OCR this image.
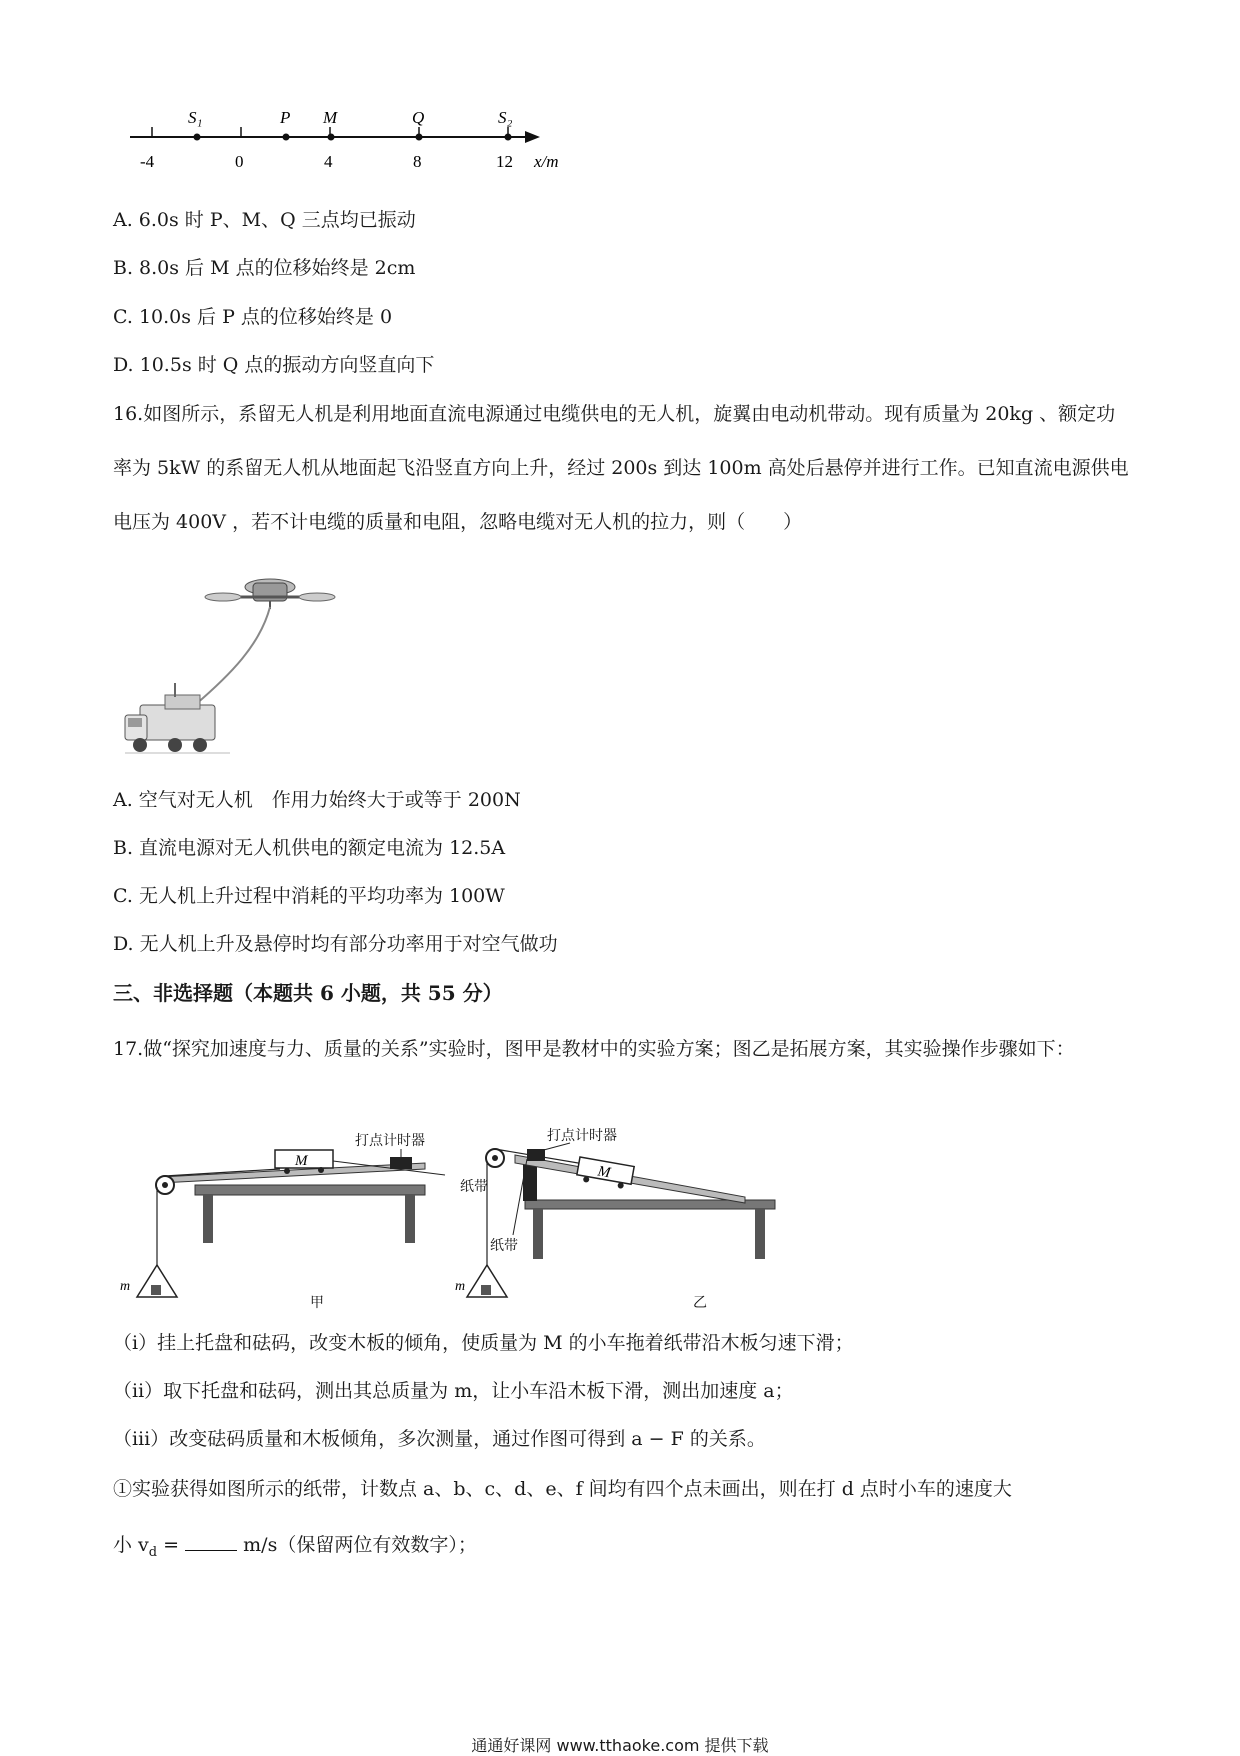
S₁	P M	Q	S₂
-4	0	4	8	12 x/m
A. 6.0s 时 P、M、Q 三点均已振动
B. 8.0s 后 M 点的位移始终是 2cm
C. 10.0s 后 P 点的位移始终是 0
D. 10.5s 时 Q 点的振动方向竖直向下
16.如图所示，系留无人机是利用地面直流电源通过电缆供电的无人机，旋翼由电动机带动。现有质量为 20kg 、额定功率为 5kW 的系留无人机从地面起飞沿竖直方向上升，经过 200s 到达 100m 高处后悬停并进行工作。已知直流电源供电电压为 400V ，若不计电缆的质量和电阻，忽略电缆对无人机的拉力，则（　　）
A. 空气对无人机　作用力始终大于或等于 200N
B. 直流电源对无人机供电的额定电流为 12.5A
C. 无人机上升过程中消耗的平均功率为 100W
D. 无人机上升及悬停时均有部分功率用于对空气做功
三、非选择题（本题共 6 小题，共 55 分）
17.做“探究加速度与力、质量的关系”实验时，图甲是教材中的实验方案；图乙是拓展方案，其实验操作步骤如下：
m
M
打点计时器
纸带
甲
m
打点计时器
纸带
M
乙
（ⅰ）挂上托盘和砝码，改变木板的倾角，使质量为 M 的小车拖着纸带沿木板匀速下滑；
（ⅱ）取下托盘和砝码，测出其总质量为 m，让小车沿木板下滑，测出加速度 a；
（ⅲ）改变砝码质量和木板倾角，多次测量，通过作图可得到 a − F 的关系。
①实验获得如图所示的纸带，计数点 a、b、c、d、e、f 间均有四个点未画出，则在打 d 点时小车的速度大
小 $v_d$ =	m/s（保留两位有效数字）；
通通好课网 www.tthaoke.com 提供下载
